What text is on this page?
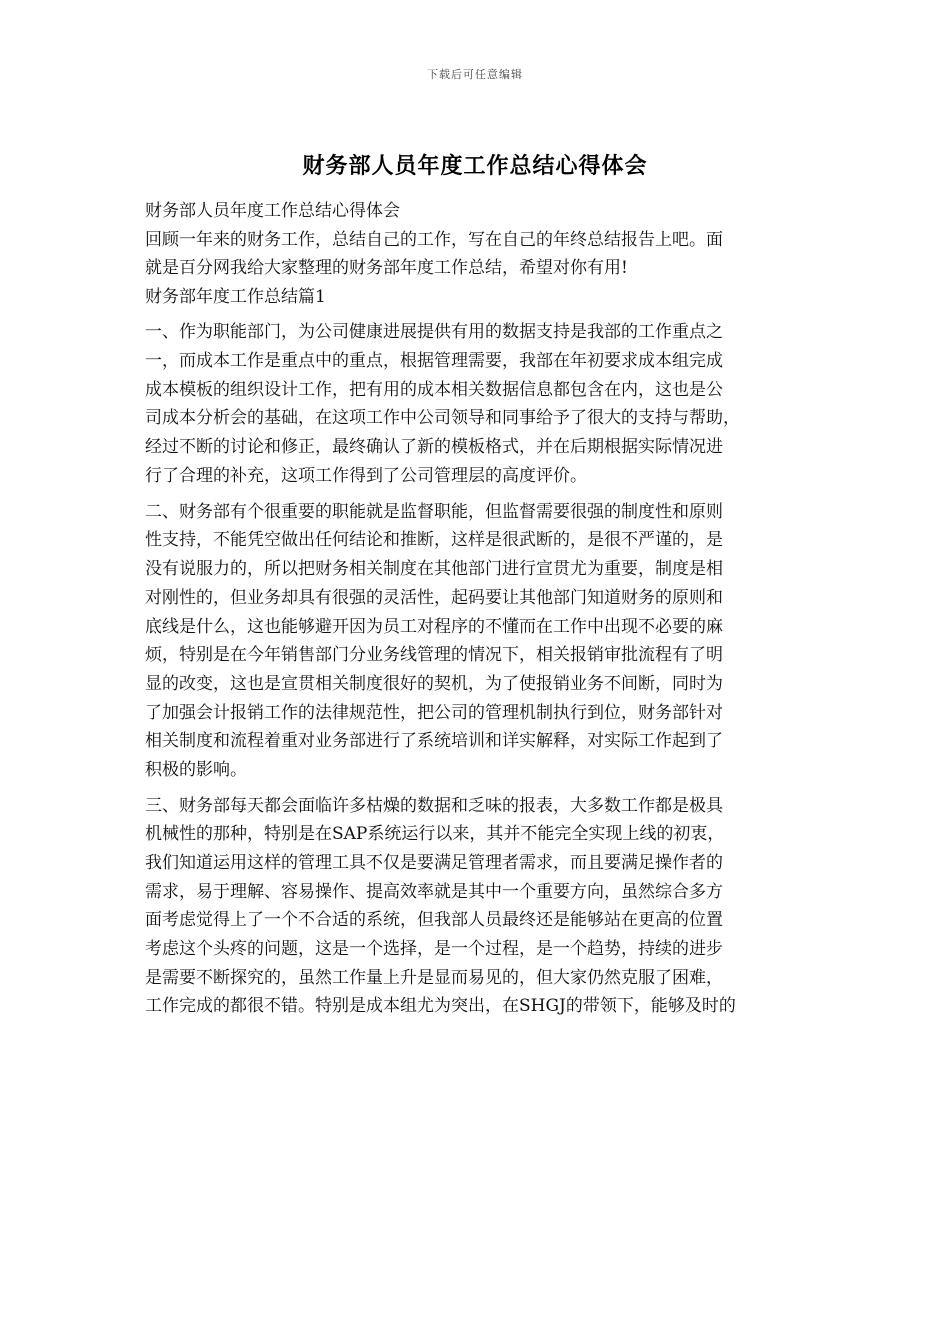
下载后可任意编辑
财务部人员年度工作总结心得体会
财务部人员年度工作总结心得体会
回顾一年来的财务工作，总结自己的工作，写在自己的年终总结报告上吧。面
就是百分网我给大家整理的财务部年度工作总结，希望对你有用!
财务部年度工作总结篇1
一、作为职能部门，为公司健康进展提供有用的数据支持是我部的工作重点之
一，而成本工作是重点中的重点，根据管理需要，我部在年初要求成本组完成
成本模板的组织设计工作，把有用的成本相关数据信息都包含在内，这也是公
司成本分析会的基础，在这项工作中公司领导和同事给予了很大的支持与帮助，
经过不断的讨论和修正，最终确认了新的模板格式，并在后期根据实际情况进
行了合理的补充，这项工作得到了公司管理层的高度评价。
二、财务部有个很重要的职能就是监督职能，但监督需要很强的制度性和原则
性支持，不能凭空做出任何结论和推断，这样是很武断的，是很不严谨的，是
没有说服力的，所以把财务相关制度在其他部门进行宣贯尤为重要，制度是相
对刚性的，但业务却具有很强的灵活性，起码要让其他部门知道财务的原则和
底线是什么，这也能够避开因为员工对程序的不懂而在工作中出现不必要的麻
烦，特别是在今年销售部门分业务线管理的情况下，相关报销审批流程有了明
显的改变，这也是宣贯相关制度很好的契机，为了使报销业务不间断，同时为
了加强会计报销工作的法律规范性，把公司的管理机制执行到位，财务部针对
相关制度和流程着重对业务部进行了系统培训和详实解释，对实际工作起到了
积极的影响。
三、财务部每天都会面临许多枯燥的数据和乏味的报表，大多数工作都是极具
机械性的那种，特别是在SAP系统运行以来，其并不能完全实现上线的初衷，
我们知道运用这样的管理工具不仅是要满足管理者需求，而且要满足操作者的
需求，易于理解、容易操作、提高效率就是其中一个重要方向，虽然综合多方
面考虑觉得上了一个不合适的系统，但我部人员最终还是能够站在更高的位置
考虑这个头疼的问题，这是一个选择，是一个过程，是一个趋势，持续的进步
是需要不断探究的，虽然工作量上升是显而易见的，但大家仍然克服了困难，
工作完成的都很不错。特别是成本组尤为突出，在SHGJ的带领下，能够及时的
